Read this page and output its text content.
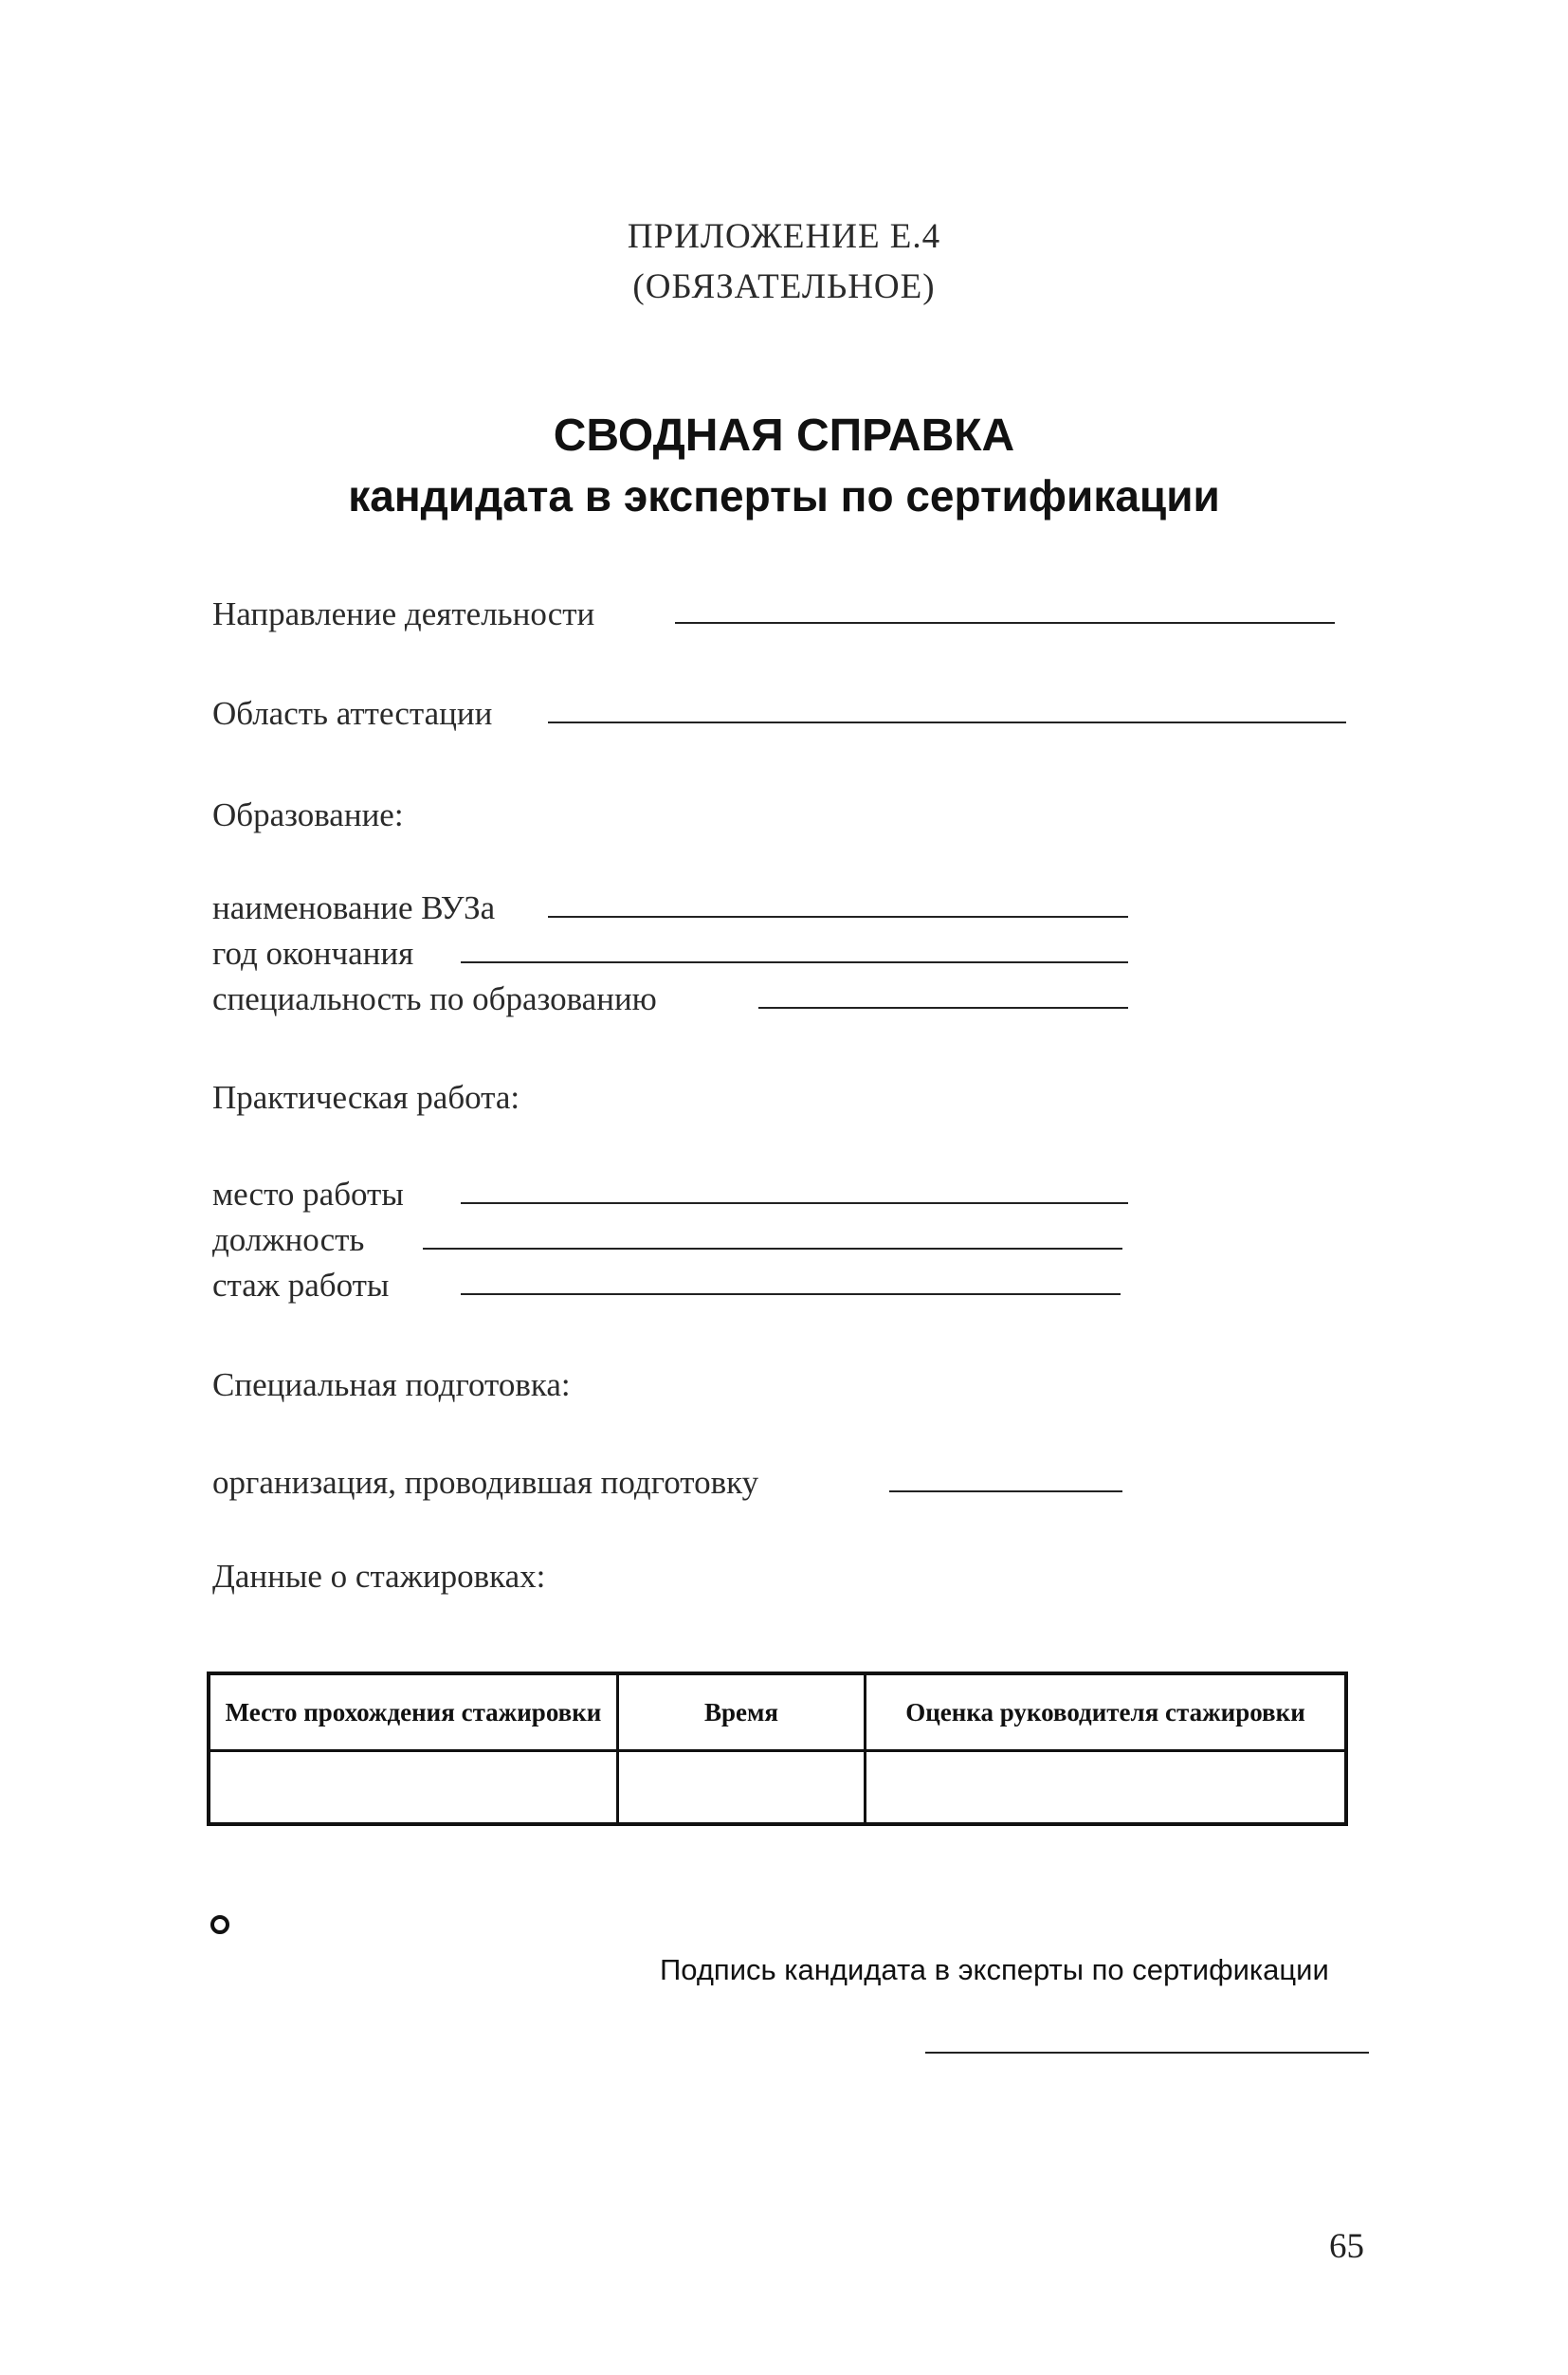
ПРИЛОЖЕНИЕ Е.4
(ОБЯЗАТЕЛЬНОЕ)
СВОДНАЯ СПРАВКА
кандидата в эксперты по сертификации
Направление деятельности
Область аттестации
Образование:
наименование ВУЗа
год окончания
специальность по образованию
Практическая работа:
место работы
должность
стаж работы
Специальная подготовка:
организация, проводившая подготовку
Данные о стажировках:
Место прохождения стажировки	Время	Оценка руководителя стажировки

Подпись кандидата в эксперты по сертификации
65
